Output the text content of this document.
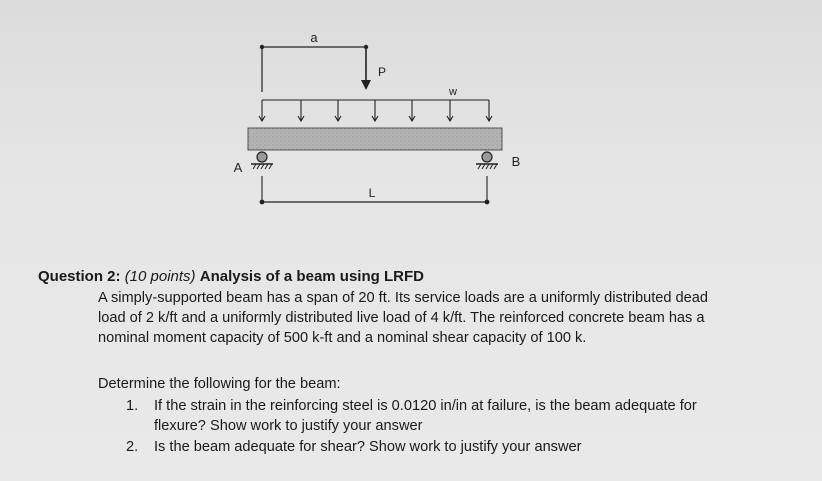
a
P
w
A	B
L
Question 2: (10 points) Analysis of a beam using LRFD
A simply-supported beam has a span of 20 ft. Its service loads are a uniformly distributed dead
load of 2 k/ft and a uniformly distributed live load of 4 k/ft. The reinforced concrete beam has a
nominal moment capacity of 500 k-ft and a nominal shear capacity of 100 k.
Determine the following for the beam:
1. If the strain in the reinforcing steel is 0.0120 in/in at failure, is the beam adequate for
flexure? Show work to justify your answer
2. Is the beam adequate for shear? Show work to justify your answer
